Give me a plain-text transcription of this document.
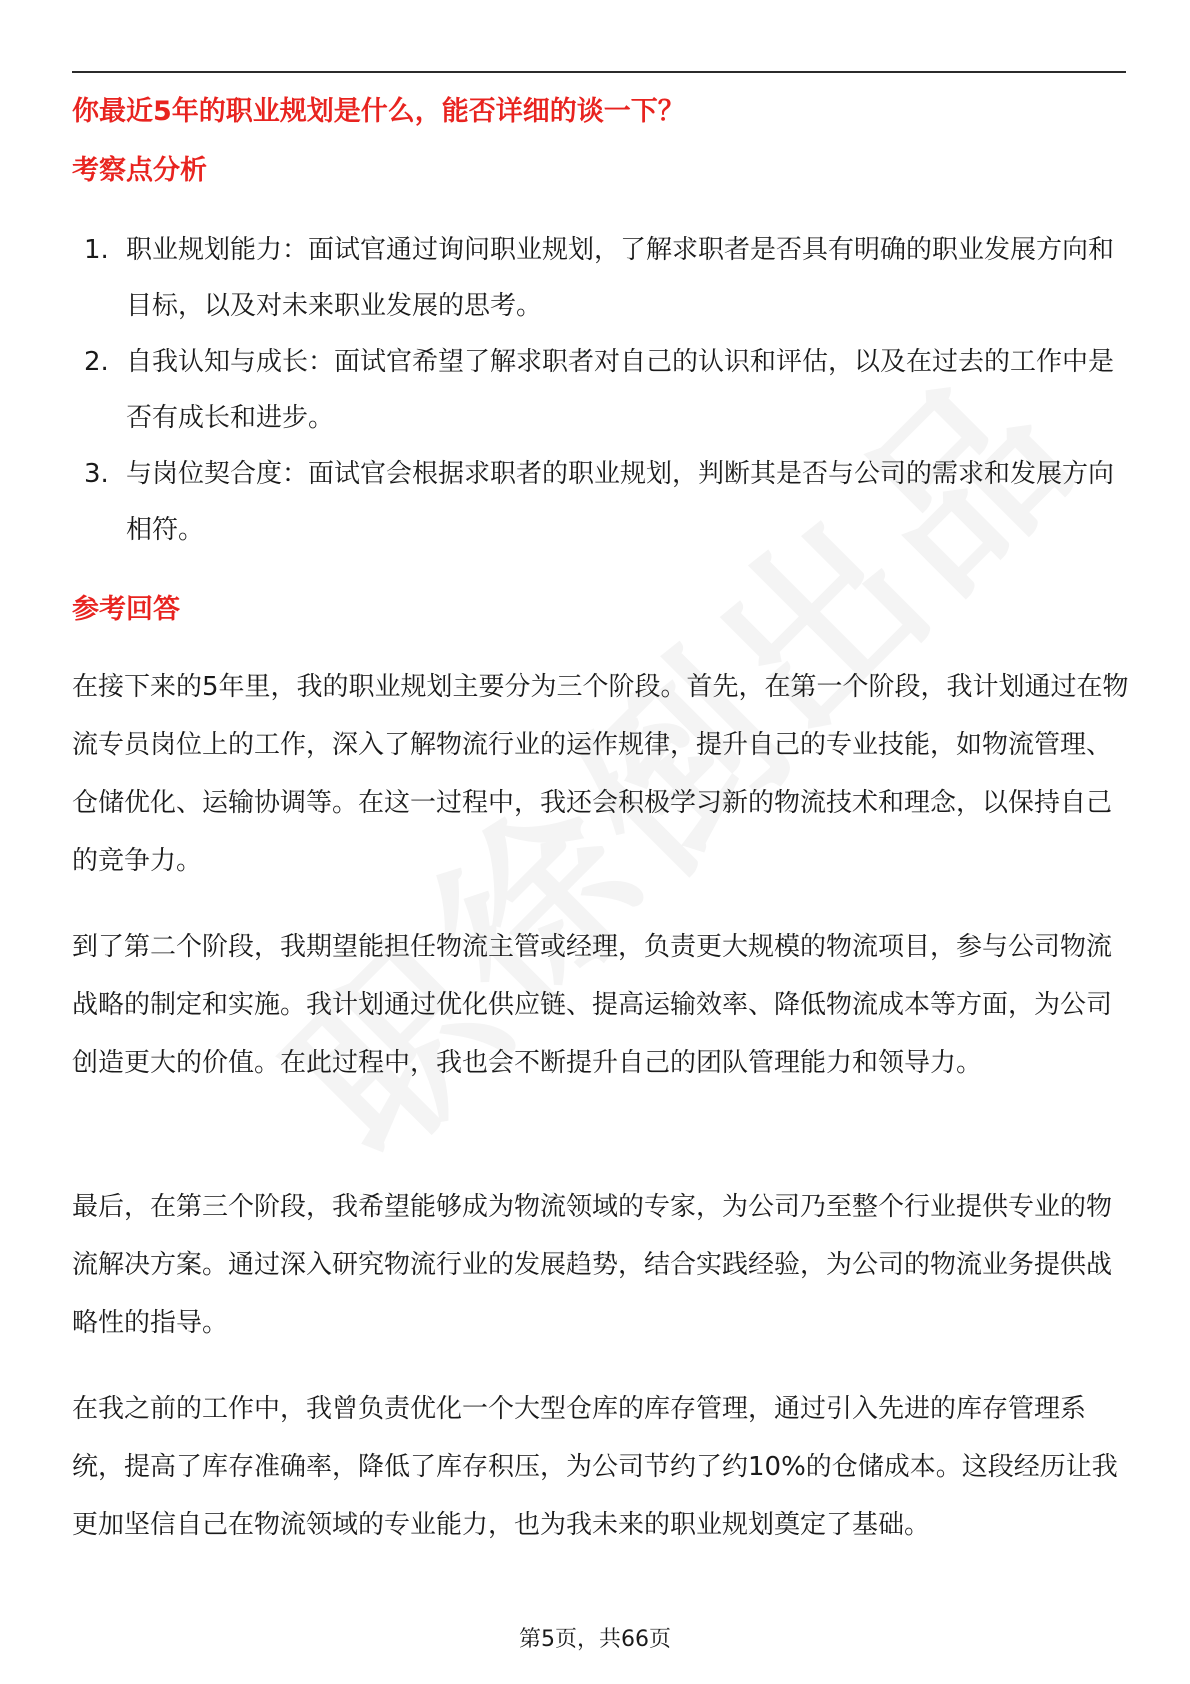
你最近5年的职业规划是什么，能否详细的谈一下？
考察点分析
1. 职业规划能力：面试官通过询问职业规划，了解求职者是否具有明确的职业发展方向和目标，以及对未来职业发展的思考。
2. 自我认知与成长：面试官希望了解求职者对自己的认识和评估，以及在过去的工作中是否有成长和进步。
3. 与岗位契合度：面试官会根据求职者的职业规划，判断其是否与公司的需求和发展方向相符。
参考回答

在接下来的5年里，我的职业规划主要分为三个阶段。首先，在第一个阶段，我计划通过在物流专员岗位上的工作，深入了解物流行业的运作规律，提升自己的专业技能，如物流管理、仓储优化、运输协调等。在这一过程中，我还会积极学习新的物流技术和理念，以保持自己的竞争力。

到了第二个阶段，我期望能担任物流主管或经理，负责更大规模的物流项目，参与公司物流战略的制定和实施。我计划通过优化供应链、提高运输效率、降低物流成本等方面，为公司创造更大的价值。在此过程中，我也会不断提升自己的团队管理能力和领导力。

最后，在第三个阶段，我希望能够成为物流领域的专家，为公司乃至整个行业提供专业的物流解决方案。通过深入研究物流行业的发展趋势，结合实践经验，为公司的物流业务提供战略性的指导。

在我之前的工作中，我曾负责优化一个大型仓库的库存管理，通过引入先进的库存管理系统，提高了库存准确率，降低了库存积压，为公司节约了约10%的仓储成本。这段经历让我更加坚信自己在物流领域的专业能力，也为我未来的职业规划奠定了基础。

第5页，共66页
